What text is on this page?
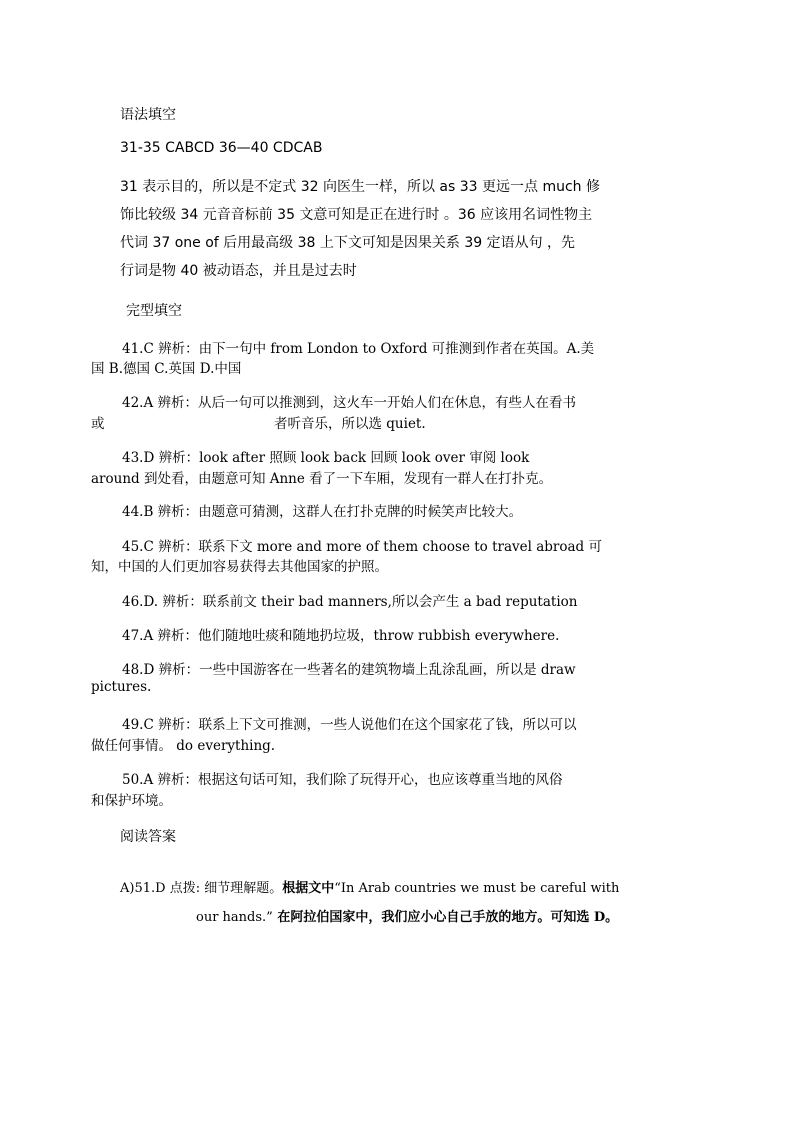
语法填空
31-35 CABCD 36—40 CDCAB
31 表示目的，所以是不定式 32 向医生一样，所以 as 33 更远一点 much 修
饰比较级 34 元音音标前 35 文意可知是正在进行时 。36 应该用名词性物主
代词 37 one of 后用最高级 38 上下文可知是因果关系 39 定语从句 ，先
行词是物 40 被动语态，并且是过去时
完型填空
41.C 辨析：由下一句中 from London to Oxford 可推测到作者在英国。A.美
国 B.德国 C.英国 D.中国
42.A 辨析：从后一句可以推测到，这火车一开始人们在休息，有些人在看书
或	者听音乐，所以选 quiet.
43.D 辨析：look after 照顾 look back 回顾 look over 审阅 look
around 到处看，由题意可知 Anne 看了一下车厢，发现有一群人在打扑克。
44.B 辨析：由题意可猜测，这群人在打扑克牌的时候笑声比较大。
45.C 辨析：联系下文 more and more of them choose to travel abroad 可
知，中国的人们更加容易获得去其他国家的护照。
46.D. 辨析：联系前文 their bad manners,所以会产生 a bad reputation
47.A 辨析：他们随地吐痰和随地扔垃圾，throw rubbish everywhere.
48.D 辨析：一些中国游客在一些著名的建筑物墙上乱涂乱画，所以是 draw
pictures.
49.C 辨析：联系上下文可推测，一些人说他们在这个国家花了钱，所以可以
做任何事情。 do everything.
50.A 辨析：根据这句话可知，我们除了玩得开心，也应该尊重当地的风俗
和保护环境。
阅读答案
A)51.D 点拨: 细节理解题。根据文中“In Arab countries we must be careful with
our hands.” 在阿拉伯国家中，我们应小心自己手放的地方。可知选 D。
